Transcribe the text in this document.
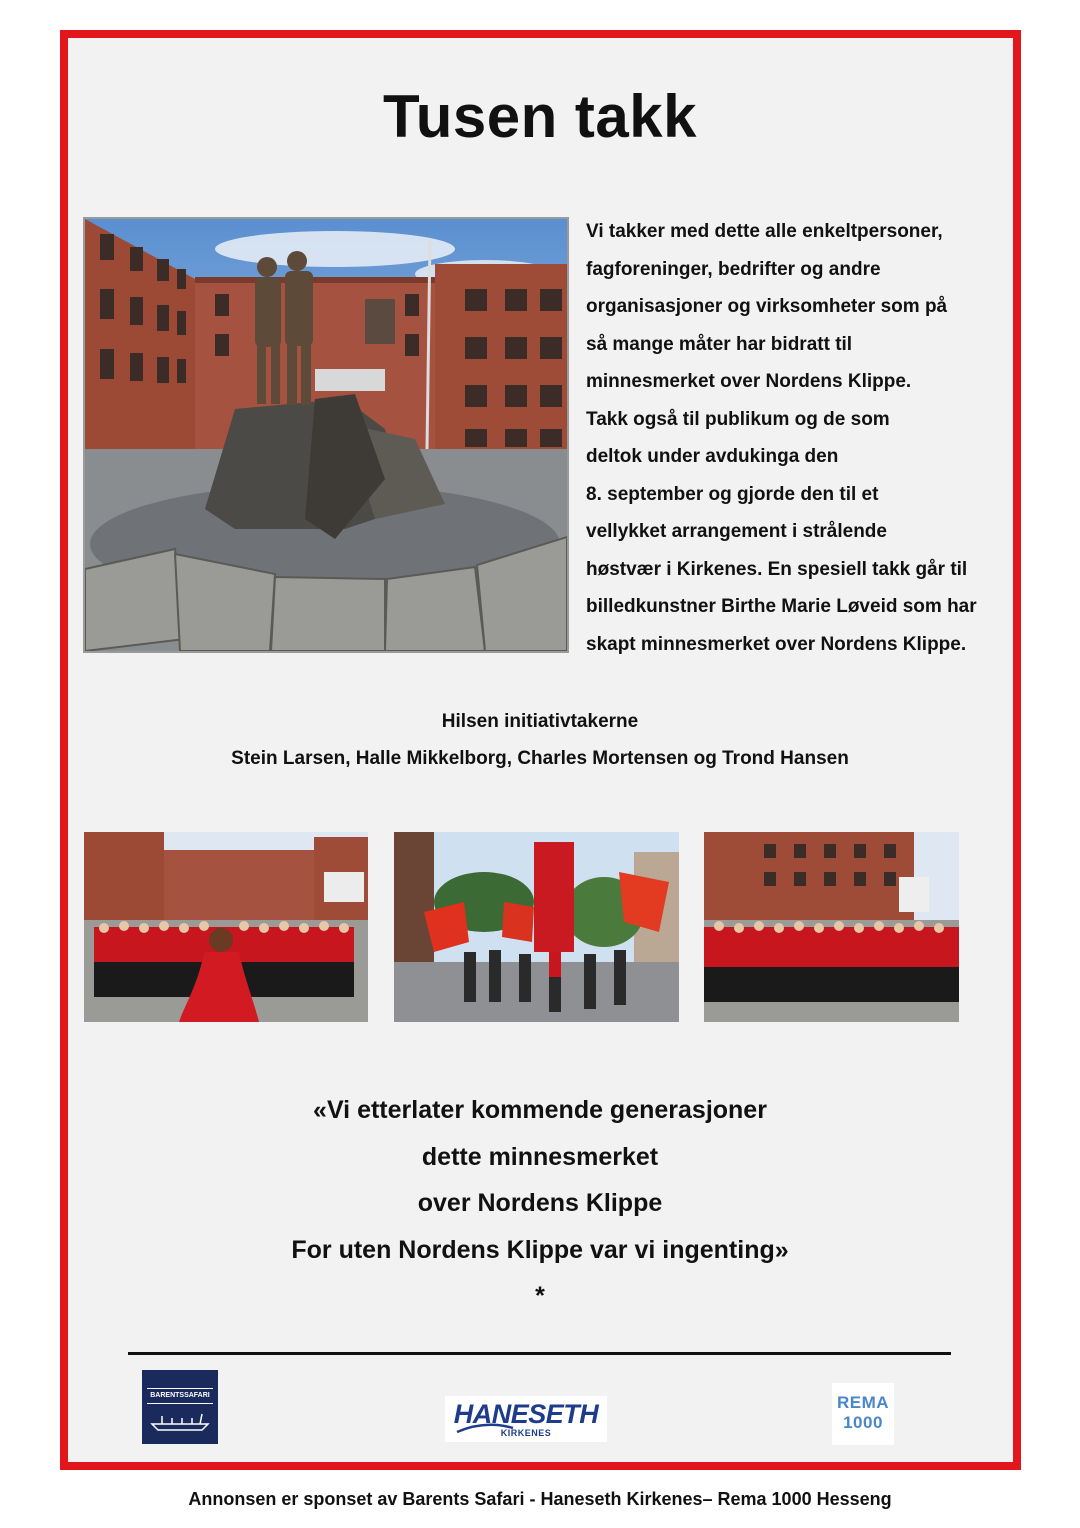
Tusen takk
Vi takker med dette alle enkeltpersoner,
fagforeninger, bedrifter og andre
organisasjoner og virksomheter som på
så mange måter har bidratt til
minnesmerket over Nordens Klippe.
Takk også til publikum og de som
deltok under avdukinga den
8. september og gjorde den til et
vellykket arrangement i strålende
høstvær i Kirkenes. En spesiell takk går til
billedkunstner Birthe Marie Løveid som har
skapt minnesmerket over Nordens Klippe.
Hilsen initiativtakerne
Stein Larsen, Halle Mikkelborg, Charles Mortensen og Trond Hansen
«Vi etterlater kommende generasjoner
dette minnesmerket
over Nordens Klippe
For uten Nordens Klippe var vi ingenting»
*
BARENTSSAFARI
HANESETH
KIRKENES
REMA
1000
Annonsen er sponset av Barents Safari - Haneseth Kirkenes– Rema 1000 Hesseng
